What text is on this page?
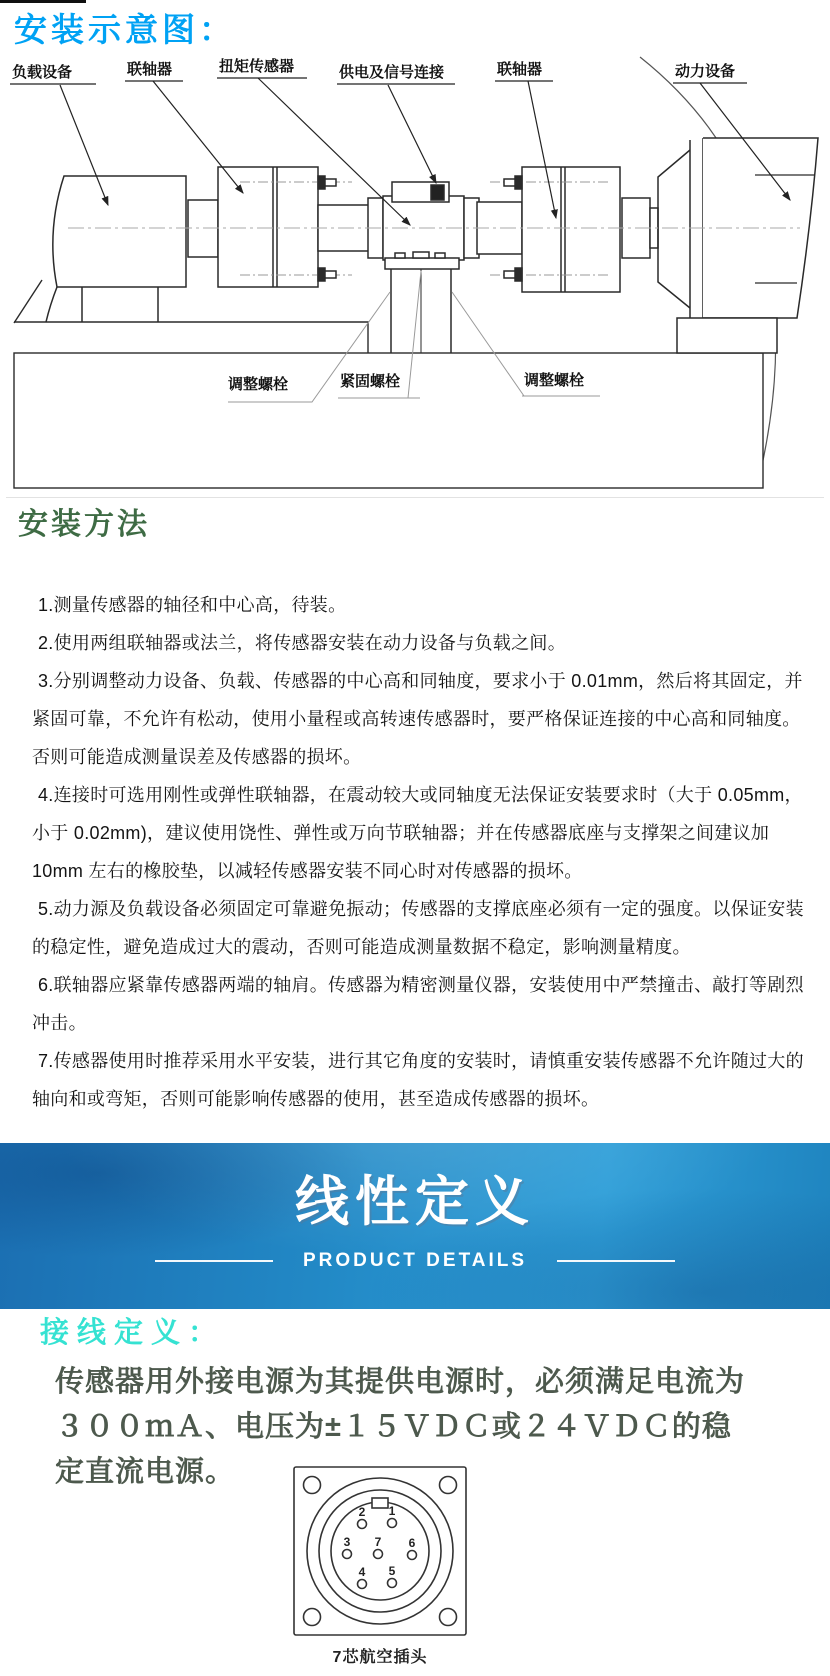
安装示意图：
负载设备	联轴器	扭矩传感器	供电及信号连接	联轴器	动力设备
调整螺栓	紧固螺栓	调整螺栓
安装方法

1.测量传感器的轴径和中心高，待装。

2.使用两组联轴器或法兰，将传感器安装在动力设备与负载之间。

3.分别调整动力设备、负载、传感器的中心高和同轴度，要求小于 0.01mm，然后将其固定，并紧固可靠，不允许有松动，使用小量程或高转速传感器时，要严格保证连接的中心高和同轴度。否则可能造成测量误差及传感器的损坏。

4.连接时可选用刚性或弹性联轴器，在震动较大或同轴度无法保证安装要求时（大于 0.05mm，小于 0.02mm)，建议使用饶性、弹性或万向节联轴器；并在传感器底座与支撑架之间建议加 10mm 左右的橡胶垫，以减轻传感器安装不同心时对传感器的损坏。

5.动力源及负载设备必须固定可靠避免振动；传感器的支撑底座必须有一定的强度。以保证安装的稳定性，避免造成过大的震动，否则可能造成测量数据不稳定，影响测量精度。

6.联轴器应紧靠传感器两端的轴肩。传感器为精密测量仪器，安装使用中严禁撞击、敲打等剧烈冲击。

7.传感器使用时推荐采用水平安装，进行其它角度的安装时，请慎重安装传感器不允许随过大的轴向和或弯矩，否则可能影响传感器的使用，甚至造成传感器的损坏。

线性定义
PRODUCT DETAILS
接线定义：
传感器用外接电源为其提供电源时，必须满足电流为
３００ｍＡ、电压为±１５ＶＤＣ或２４ＶＤＣ的稳
定直流电源。
2 1
3 7 6
4 5
7芯航空插头
